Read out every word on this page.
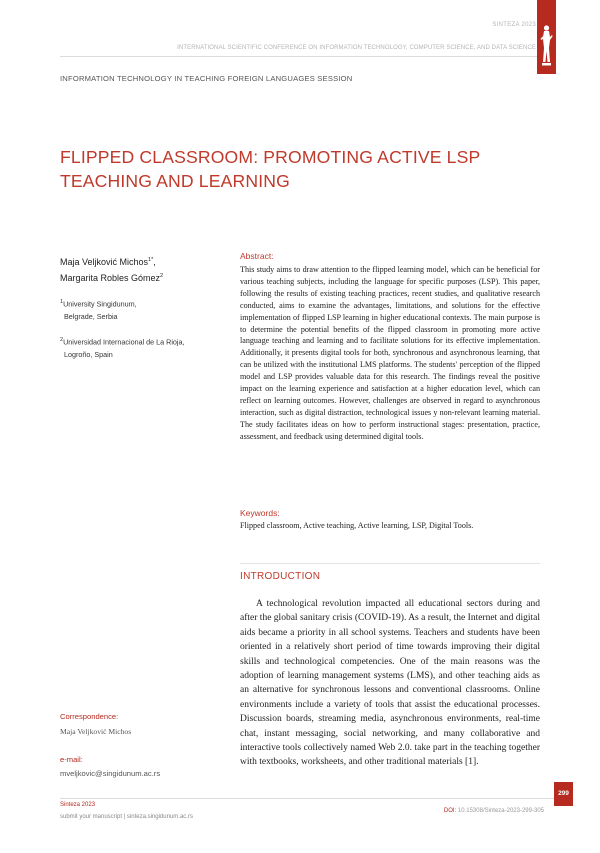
SINTEZA 2023
INTERNATIONAL SCIENTIFIC CONFERENCE ON INFORMATION TECHNOLOGY, COMPUTER SCIENCE, AND DATA SCIENCE
INFORMATION TECHNOLOGY IN TEACHING FOREIGN LANGUAGES SESSION
FLIPPED CLASSROOM: PROMOTING ACTIVE LSP TEACHING AND LEARNING
Maja Veljković Michos$^{1*}$,
Margarita Robles Gómez$^2$
$^1$University Singidunum,
Belgrade, Serbia
$^2$Universidad Internacional de La Rioja,
Logroño, Spain
Abstract:
This study aims to draw attention to the flipped learning model, which can be beneficial for various teaching subjects, including the language for specific purposes (LSP). This paper, following the results of existing teaching practices, recent studies, and qualitative research conducted, aims to examine the advantages, limitations, and solutions for the effective implementation of flipped LSP learning in higher educational contexts. The main purpose is to determine the potential benefits of the flipped classroom in promoting more active language teaching and learning and to facilitate solutions for its effective implementation. Additionally, it presents digital tools for both, synchronous and asynchronous learning, that can be utilized with the institutional LMS platforms. The students' perception of the flipped model and LSP provides valuable data for this research. The findings reveal the positive impact on the learning experience and satisfaction at a higher education level, which can reflect on learning outcomes. However, challenges are observed in regard to asynchronous interaction, such as digital distraction, technological issues y non-relevant learning material. The study facilitates ideas on how to perform instructional stages: presentation, practice, assessment, and feedback using determined digital tools.
Keywords:
Flipped classroom, Active teaching, Active learning, LSP, Digital Tools.
INTRODUCTION
A technological revolution impacted all educational sectors during and after the global sanitary crisis (COVID-19). As a result, the Internet and digital aids became a priority in all school systems. Teachers and students have been oriented in a relatively short period of time towards improving their digital skills and technological competencies. One of the main reasons was the adoption of learning management systems (LMS), and other teaching aids as an alternative for synchronous lessons and conventional classrooms. Online environments include a variety of tools that assist the educational processes. Discussion boards, streaming media, asynchronous environments, real-time chat, instant messaging, social networking, and many collaborative and interactive tools collectively named Web 2.0. take part in the teaching together with textbooks, worksheets, and other traditional materials [1].
Correspondence:
Maja Veljković Michos
e-mail:
mveljkovic@singidunum.ac.rs
299
Sinteza 2023
submit your manuscript | sinteza.singidunum.ac.rs
DOI: 10.15308/Sinteza-2023-299-305
